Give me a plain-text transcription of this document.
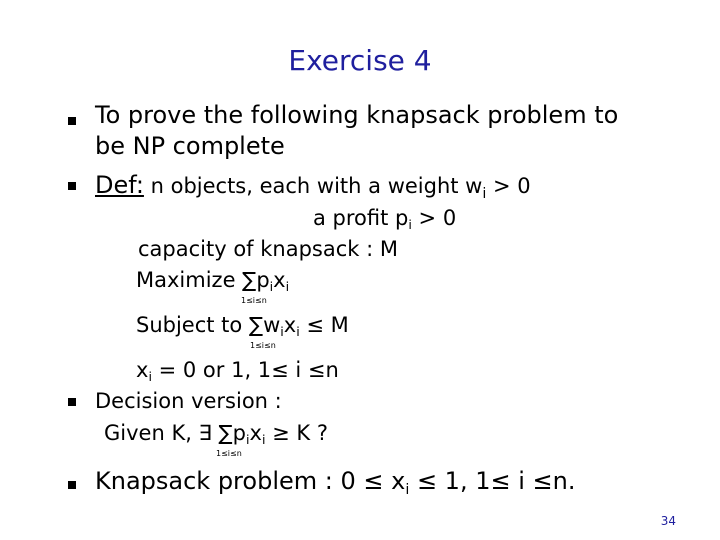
Exercise 4
To prove the following knapsack problem to
be NP complete
Def: n objects, each with a weight $w_i > 0$
a profit $p_i > 0$
capacity of knapsack : M
Maximize $\sum p_ix_i$
1≤i≤n
Subject to $\sum w_ix_i \le M$
1≤i≤n
$x_i = 0$ or 1, 1≤ i ≤n
Decision version :
Given K, ∃ $\sum p_ix_i \ge K$ ?
1≤i≤n
Knapsack problem : $0 \le x_i \le 1$, 1≤ i ≤n.
34
